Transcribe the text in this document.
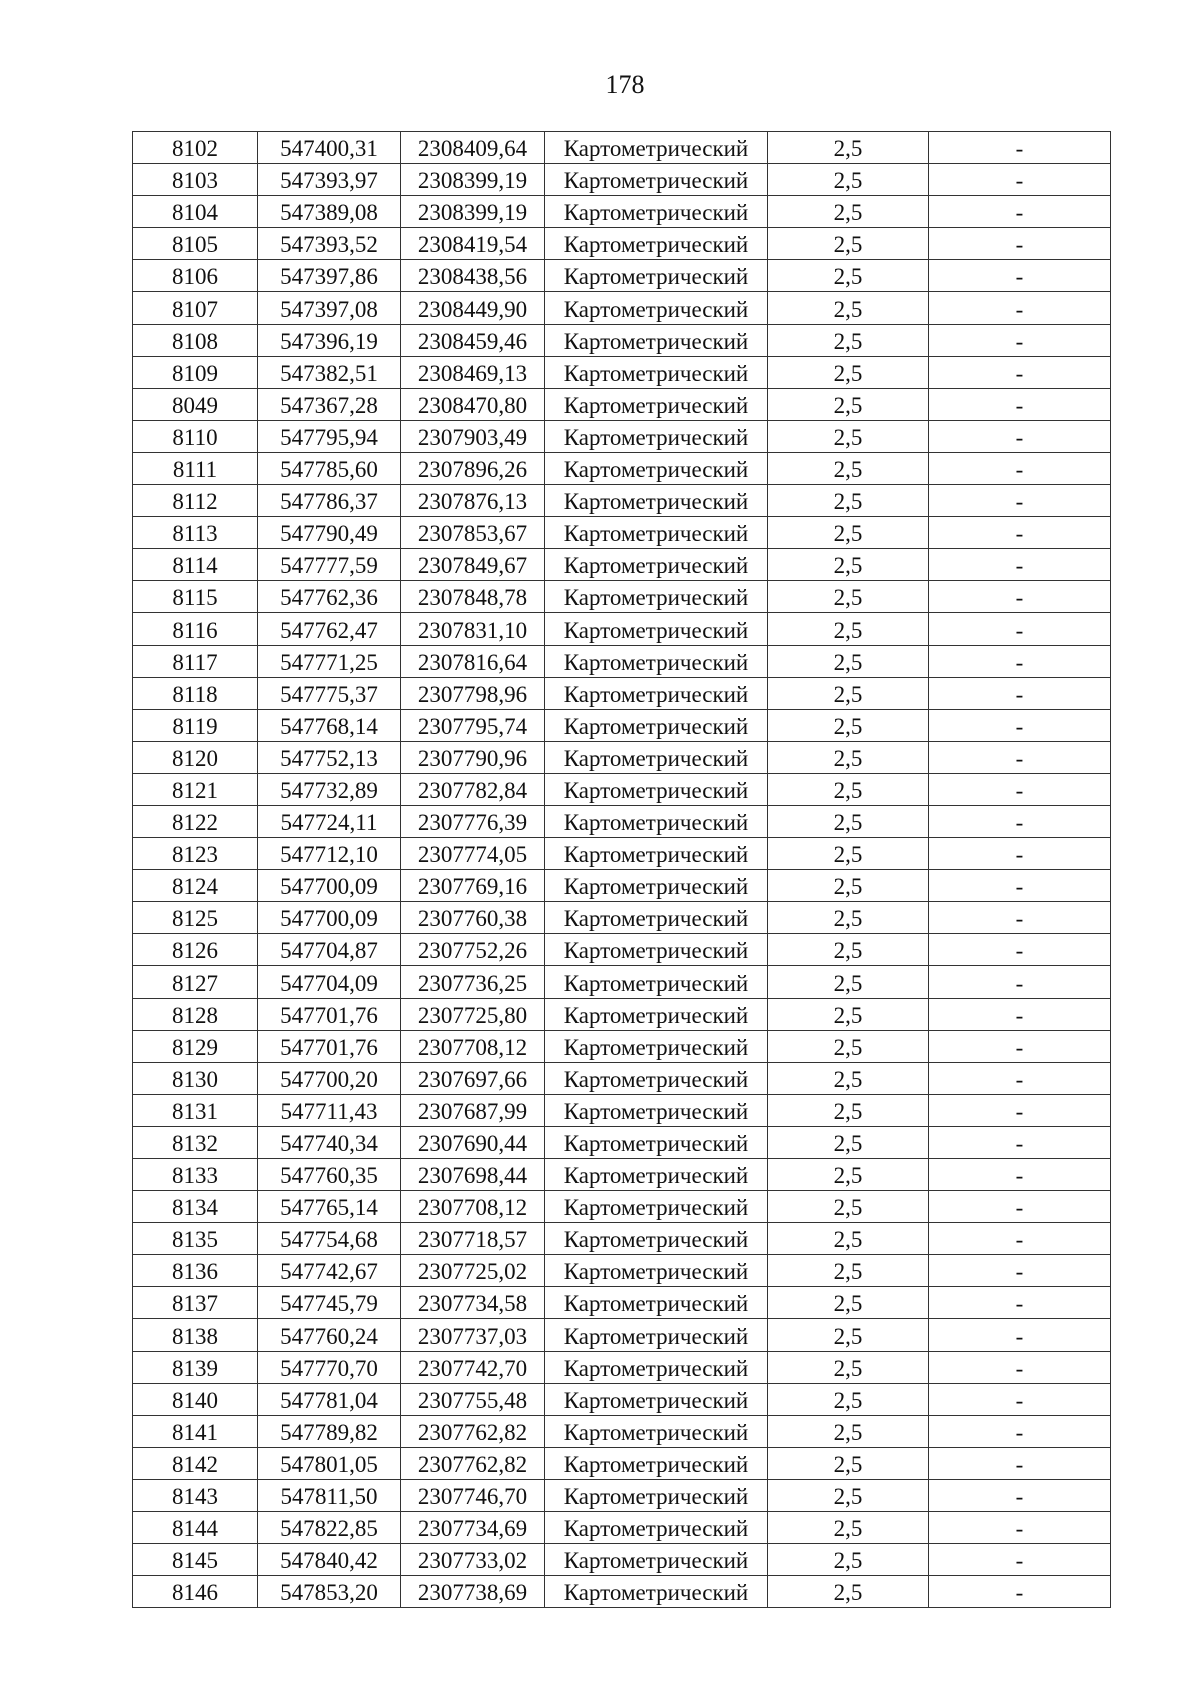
178
8102	547400,31	2308409,64	Картометрический	2,5	-
8103	547393,97	2308399,19	Картометрический	2,5	-
8104	547389,08	2308399,19	Картометрический	2,5	-
8105	547393,52	2308419,54	Картометрический	2,5	-
8106	547397,86	2308438,56	Картометрический	2,5	-
8107	547397,08	2308449,90	Картометрический	2,5	-
8108	547396,19	2308459,46	Картометрический	2,5	-
8109	547382,51	2308469,13	Картометрический	2,5	-
8049	547367,28	2308470,80	Картометрический	2,5	-
8110	547795,94	2307903,49	Картометрический	2,5	-
8111	547785,60	2307896,26	Картометрический	2,5	-
8112	547786,37	2307876,13	Картометрический	2,5	-
8113	547790,49	2307853,67	Картометрический	2,5	-
8114	547777,59	2307849,67	Картометрический	2,5	-
8115	547762,36	2307848,78	Картометрический	2,5	-
8116	547762,47	2307831,10	Картометрический	2,5	-
8117	547771,25	2307816,64	Картометрический	2,5	-
8118	547775,37	2307798,96	Картометрический	2,5	-
8119	547768,14	2307795,74	Картометрический	2,5	-
8120	547752,13	2307790,96	Картометрический	2,5	-
8121	547732,89	2307782,84	Картометрический	2,5	-
8122	547724,11	2307776,39	Картометрический	2,5	-
8123	547712,10	2307774,05	Картометрический	2,5	-
8124	547700,09	2307769,16	Картометрический	2,5	-
8125	547700,09	2307760,38	Картометрический	2,5	-
8126	547704,87	2307752,26	Картометрический	2,5	-
8127	547704,09	2307736,25	Картометрический	2,5	-
8128	547701,76	2307725,80	Картометрический	2,5	-
8129	547701,76	2307708,12	Картометрический	2,5	-
8130	547700,20	2307697,66	Картометрический	2,5	-
8131	547711,43	2307687,99	Картометрический	2,5	-
8132	547740,34	2307690,44	Картометрический	2,5	-
8133	547760,35	2307698,44	Картометрический	2,5	-
8134	547765,14	2307708,12	Картометрический	2,5	-
8135	547754,68	2307718,57	Картометрический	2,5	-
8136	547742,67	2307725,02	Картометрический	2,5	-
8137	547745,79	2307734,58	Картометрический	2,5	-
8138	547760,24	2307737,03	Картометрический	2,5	-
8139	547770,70	2307742,70	Картометрический	2,5	-
8140	547781,04	2307755,48	Картометрический	2,5	-
8141	547789,82	2307762,82	Картометрический	2,5	-
8142	547801,05	2307762,82	Картометрический	2,5	-
8143	547811,50	2307746,70	Картометрический	2,5	-
8144	547822,85	2307734,69	Картометрический	2,5	-
8145	547840,42	2307733,02	Картометрический	2,5	-
8146	547853,20	2307738,69	Картометрический	2,5	-
